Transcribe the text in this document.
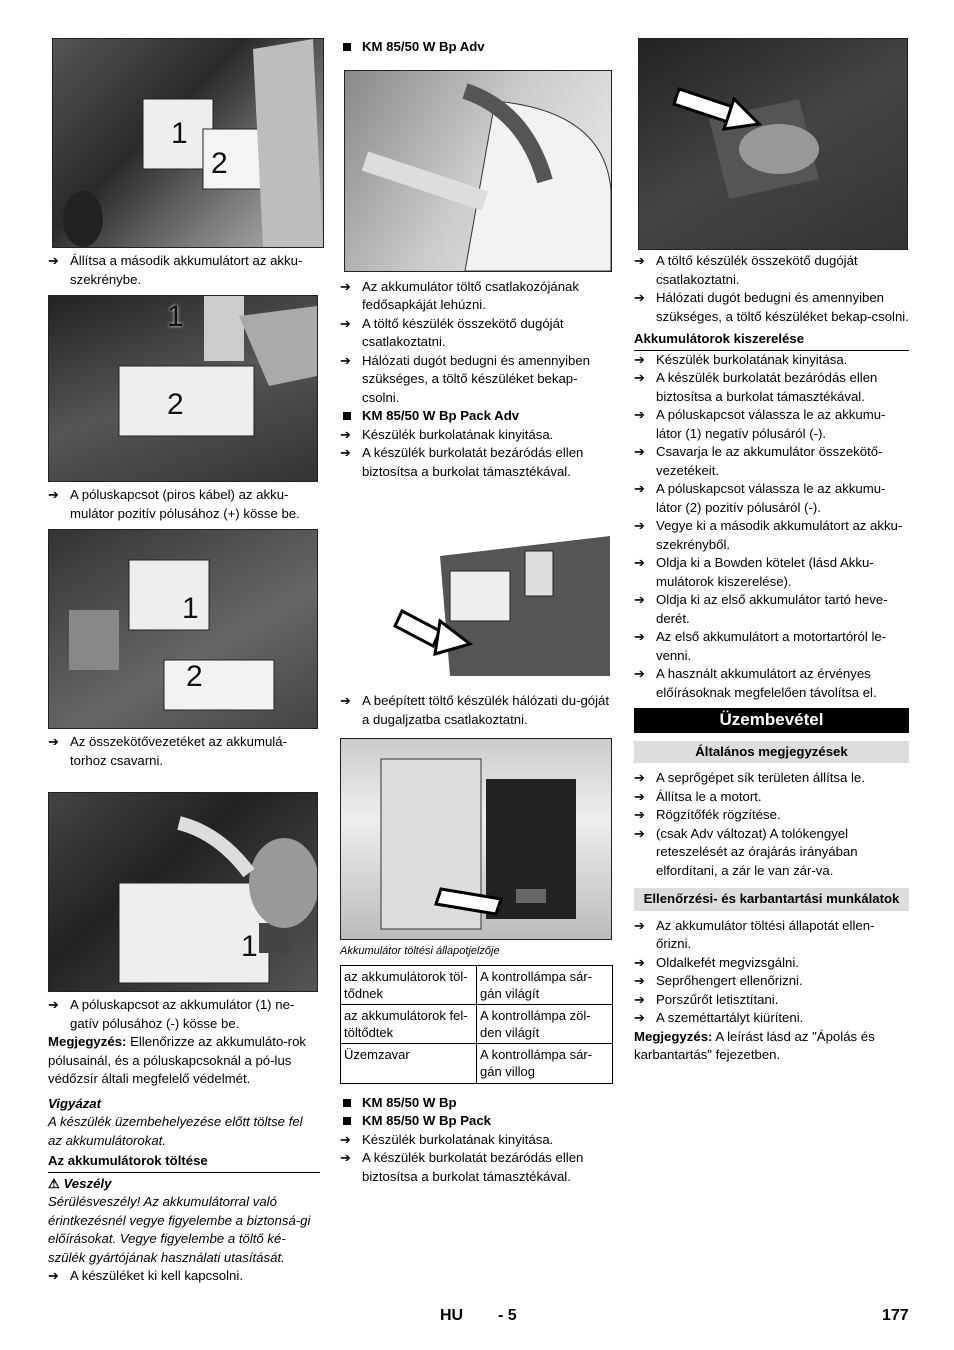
1
2

➔ Állítsa a második akkumulátort az akku-szekrénybe.

1
2

➔ A póluskapcsot (piros kábel) az akku-mulátor pozitív pólusához (+) kösse be.

1
2

➔ Az összekötővezetéket az akkumulá-torhoz csavarni.

1

➔ A póluskapcsot az akkumulátor (1) ne-gatív pólusához (-) kösse be.

Megjegyzés: Ellenőrizze az akkumuláto-rok pólusainál, és a póluskapcsoknál a pó-lus védőzsír általi megfelelő védelmét.

Vigyázat

A készülék üzembehelyezése előtt töltse fel az akkumulátorokat.

Az akkumulátorok töltése

⚠ Veszély

Sérülésveszély! Az akkumulátorral való érintkezésnél vegye figyelembe a biztonsá-gi előírásokat. Vegye figyelembe a töltő ké-szülék gyártójának használati utasítását.

➔ A készüléket ki kell kapcsolni.

KM 85/50 W Bp Adv

➔ Az akkumulátor töltő csatlakozójának fedősapkáját lehúzni.

➔ A töltő készülék összekötő dugóját csatlakoztatni.

➔ Hálózati dugót bedugni és amennyiben szükséges, a töltő készüléket bekap-csolni.

KM 85/50 W Bp Pack Adv

➔ Készülék burkolatának kinyitása.

➔ A készülék burkolatát bezáródás ellen biztosítsa a burkolat támasztékával.

➔ A beépített töltő készülék hálózati du-góját a dugaljzatba csatlakoztatni.

Akkumulátor töltési állapotjelzője
az akkumulátorok töl-tődnek	A kontrollámpa sár-gán világít
az akkumulátorok fel-töltődtek	A kontrollámpa zöl-den világít
Üzemzavar	A kontrollámpa sár-gán villog

KM 85/50 W Bp

KM 85/50 W Bp Pack

➔ Készülék burkolatának kinyitása.

➔ A készülék burkolatát bezáródás ellen biztosítsa a burkolat támasztékával.

➔ A töltő készülék összekötő dugóját csatlakoztatni.

➔ Hálózati dugót bedugni és amennyiben szükséges, a töltő készüléket bekap-csolni.

Akkumulátorok kiszerelése

➔ Készülék burkolatának kinyitása.

➔ A készülék burkolatát bezáródás ellen biztosítsa a burkolat támasztékával.

➔ A póluskapcsot válassza le az akkumu-látor (1) negatív pólusáról (-).

➔ Csavarja le az akkumulátor összekötő-vezetékeit.

➔ A póluskapcsot válassza le az akkumu-látor (2) pozitív pólusáról (-).

➔ Vegye ki a második akkumulátort az akku-szekrényből.

➔ Oldja ki a Bowden kötelet (lásd Akku-mulátorok kiszerelése).

➔ Oldja ki az első akkumulátor tartó heve-derét.

➔ Az első akkumulátort a motortartóról le-venni.

➔ A használt akkumulátort az érvényes előírásoknak megfelelően távolítsa el.

Üzembevétel
Általános megjegyzések

➔ A seprőgépet sík területen állítsa le.

➔ Állítsa le a motort.

➔ Rögzítőfék rögzítése.

➔ (csak Adv változat) A tolókengyel reteszelését az órajárás irányában elfordítani, a zár le van zár-va.

Ellenőrzési- és karbantartási munkálatok

➔ Az akkumulátor töltési állapotát ellen-őrizni.

➔ Oldalkefét megvizsgálni.

➔ Seprőhengert ellenőrizni.

➔ Porszűrőt letisztítani.

➔ A szeméttartályt kiüríteni.

Megjegyzés: A leírást lásd az "Ápolás és karbantartás" fejezetben.

HU - 5	177
